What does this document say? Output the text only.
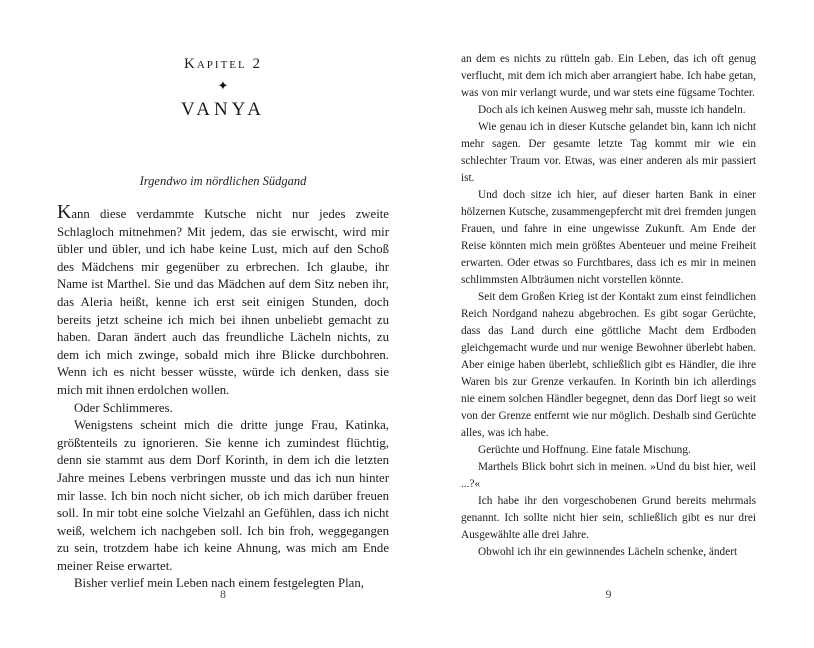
Kapitel 2
✦
VANYA
Irgendwo im nördlichen Südgand

Kann diese verdammte Kutsche nicht nur jedes zweite Schlagloch mitnehmen? Mit jedem, das sie erwischt, wird mir übler und übler, und ich habe keine Lust, mich auf den Schoß des Mädchens mir gegenüber zu erbrechen. Ich glaube, ihr Name ist Marthel. Sie und das Mädchen auf dem Sitz neben ihr, das Aleria heißt, kenne ich erst seit einigen Stunden, doch bereits jetzt scheine ich mich bei ihnen unbeliebt gemacht zu haben. Daran ändert auch das freundliche Lächeln nichts, zu dem ich mich zwinge, sobald mich ihre Blicke durchbohren. Wenn ich es nicht besser wüsste, würde ich denken, dass sie mich mit ihnen erdolchen wollen.

Oder Schlimmeres.

Wenigstens scheint mich die dritte junge Frau, Katinka, größtenteils zu ignorieren. Sie kenne ich zumindest flüchtig, denn sie stammt aus dem Dorf Korinth, in dem ich die letzten Jahre meines Lebens verbringen musste und das ich nun hinter mir lasse. Ich bin noch nicht sicher, ob ich mich darüber freuen soll. In mir tobt eine solche Vielzahl an Gefühlen, dass ich nicht weiß, welchem ich nachgeben soll. Ich bin froh, weggegangen zu sein, trotzdem habe ich keine Ahnung, was mich am Ende meiner Reise erwartet.

Bisher verlief mein Leben nach einem festgelegten Plan,

8

an dem es nichts zu rütteln gab. Ein Leben, das ich oft genug verflucht, mit dem ich mich aber arrangiert habe. Ich habe getan, was von mir verlangt wurde, und war stets eine fügsame Tochter.

Doch als ich keinen Ausweg mehr sah, musste ich handeln.

Wie genau ich in dieser Kutsche gelandet bin, kann ich nicht mehr sagen. Der gesamte letzte Tag kommt mir wie ein schlechter Traum vor. Etwas, was einer anderen als mir passiert ist.

Und doch sitze ich hier, auf dieser harten Bank in einer hölzernen Kutsche, zusammengepfercht mit drei fremden jungen Frauen, und fahre in eine ungewisse Zukunft. Am Ende der Reise könnten mich mein größtes Abenteuer und meine Freiheit erwarten. Oder etwas so Furchtbares, dass ich es mir in meinen schlimmsten Albträumen nicht vorstellen könnte.

Seit dem Großen Krieg ist der Kontakt zum einst feindlichen Reich Nordgand nahezu abgebrochen. Es gibt sogar Gerüchte, dass das Land durch eine göttliche Macht dem Erdboden gleichgemacht wurde und nur wenige Bewohner überlebt haben. Aber einige haben überlebt, schließlich gibt es Händler, die ihre Waren bis zur Grenze verkaufen. In Korinth bin ich allerdings nie einem solchen Händler begegnet, denn das Dorf liegt so weit von der Grenze entfernt wie nur möglich. Deshalb sind Gerüchte alles, was ich habe.

Gerüchte und Hoffnung. Eine fatale Mischung.

Marthels Blick bohrt sich in meinen. »Und du bist hier, weil ...?«

Ich habe ihr den vorgeschobenen Grund bereits mehrmals genannt. Ich sollte nicht hier sein, schließlich gibt es nur drei Ausgewählte alle drei Jahre.

Obwohl ich ihr ein gewinnendes Lächeln schenke, ändert

9
